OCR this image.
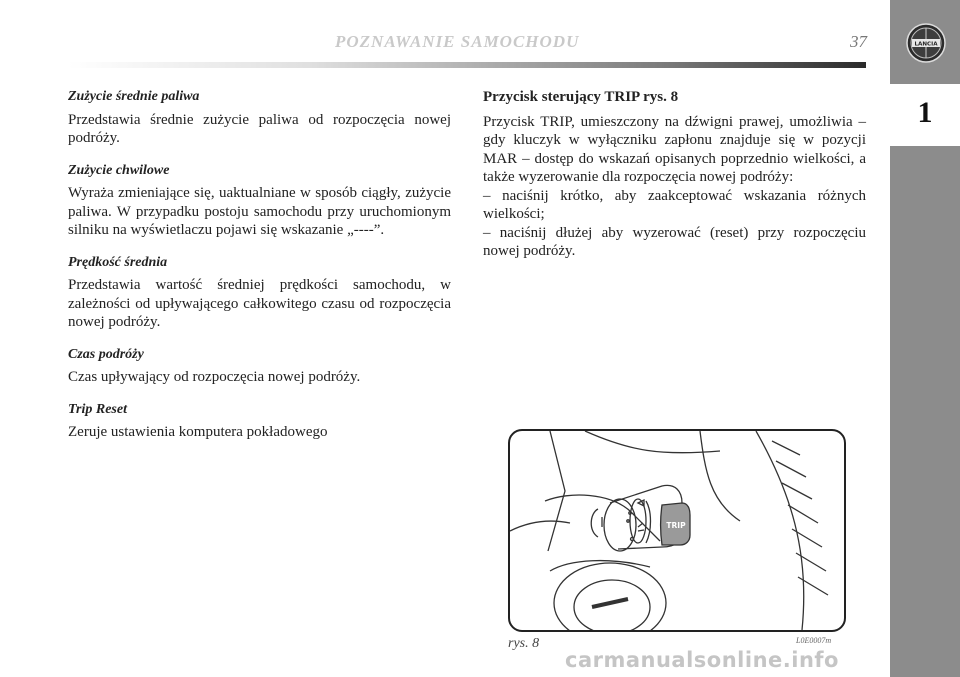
POZNAWANIE SAMOCHODU	37
1
LANCIA
Zużycie średnie paliwa
Przedstawia średnie zużycie paliwa od rozpoczęcia nowej podróży.
Zużycie chwilowe
Wyraża zmieniające się, uaktualniane w sposób ciągły, zużycie paliwa. W przypadku postoju samochodu przy uruchomionym silniku na wyświetlaczu pojawi się wskazanie „----”.
Prędkość średnia
Przedstawia wartość średniej prędkości samochodu, w zależności od upływającego całkowitego czasu od rozpoczęcia nowej podróży.
Czas podróży
Czas upływający od rozpoczęcia nowej podróży.
Trip Reset
Zeruje ustawienia komputera pokładowego
Przycisk sterujący TRIP rys. 8
Przycisk TRIP, umieszczony na dźwigni prawej, umożliwia – gdy kluczyk w wyłączniku zapłonu znajduje się w pozycji MAR – dostęp do wskazań opisanych poprzednio wielkości, a także wyzerowanie dla rozpoczęcia nowej podróży:
– naciśnij krótko, aby zaakceptować wskazania różnych wielkości;
– naciśnij dłużej aby wyzerować (reset) przy rozpoczęciu nowej podróży.
TRIP
rys. 8	L0E0007m
carmanualsonline.info
